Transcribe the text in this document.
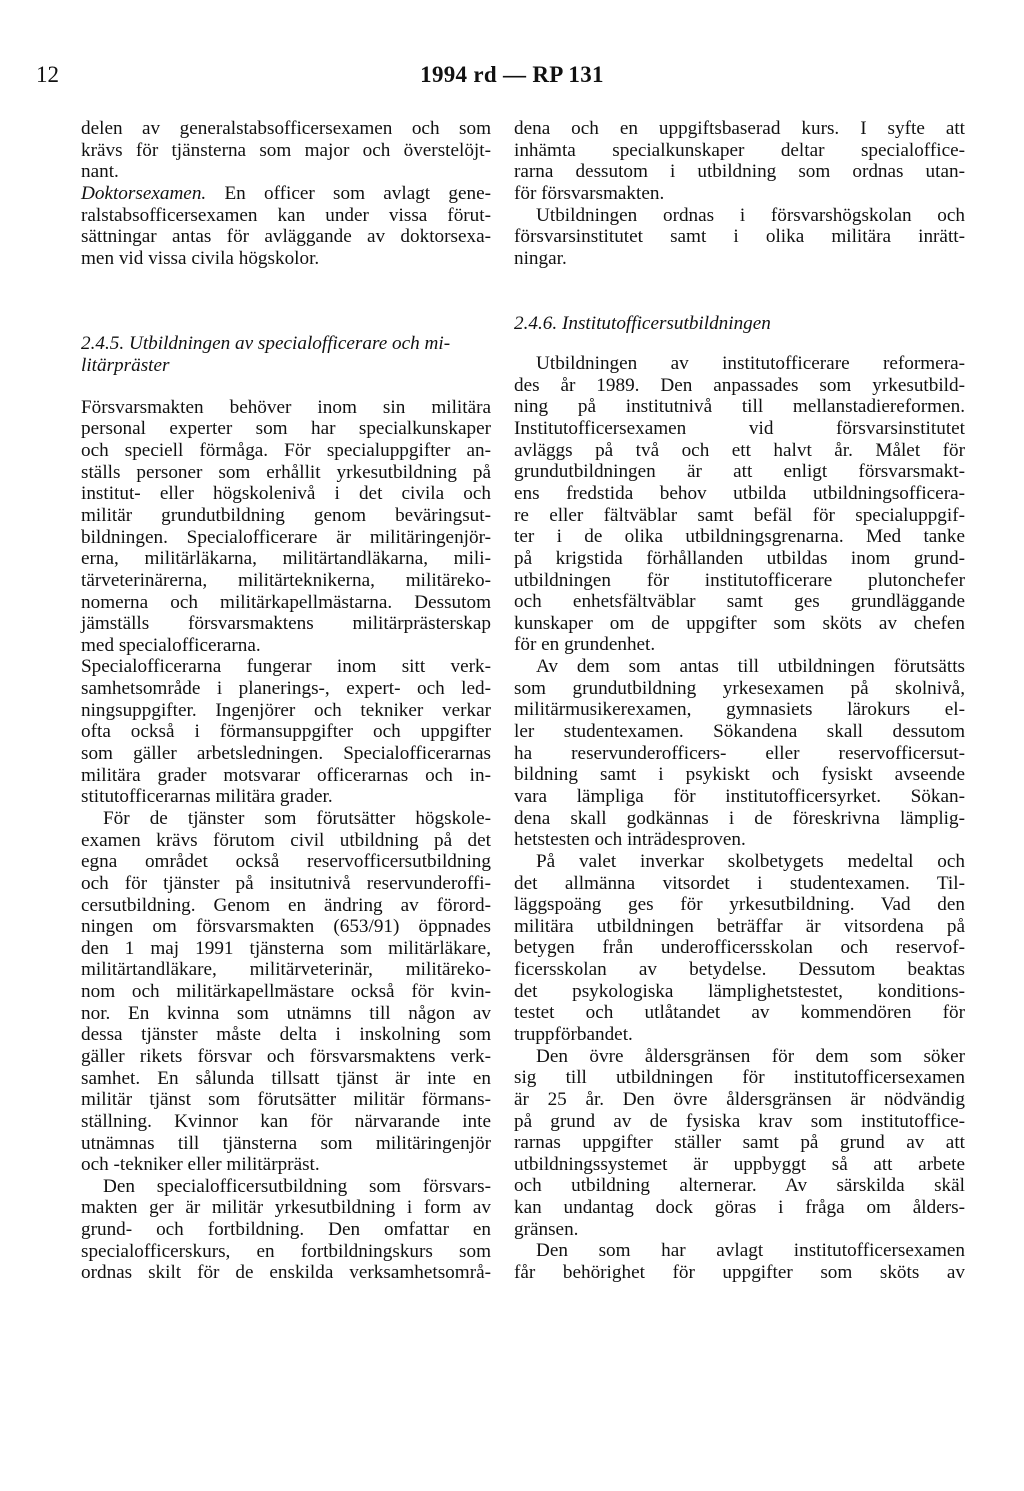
12	1994 rd — RP 131
delen av generalstabsofficersexamen och som
krävs för tjänsterna som major och överstelöjt-
nant.
Doktorsexamen. En officer som avlagt gene-
ralstabsofficersexamen kan under vissa förut-
sättningar antas för avläggande av doktorsexa-
men vid vissa civila högskolor.
2.4.5. Utbildningen av specialofficerare och mi-
litärpräster
Försvarsmakten behöver inom sin militära
personal experter som har specialkunskaper
och speciell förmåga. För specialuppgifter an-
ställs personer som erhållit yrkesutbildning på
institut- eller högskolenivå i det civila och
militär grundutbildning genom beväringsut-
bildningen. Specialofficerare är militäringenjör-
erna, militärläkarna, militärtandläkarna, mili-
tärveterinärerna, militärteknikerna, militäreko-
nomerna och militärkapellmästarna. Dessutom
jämställs försvarsmaktens militärprästerskap
med specialofficerarna.
Specialofficerarna fungerar inom sitt verk-
samhetsområde i planerings-, expert- och led-
ningsuppgifter. Ingenjörer och tekniker verkar
ofta också i förmansuppgifter och uppgifter
som gäller arbetsledningen. Specialofficerarnas
militära grader motsvarar officerarnas och in-
stitutofficerarnas militära grader.
För de tjänster som förutsätter högskole-
examen krävs förutom civil utbildning på det
egna området också reservofficersutbildning
och för tjänster på insitutnivå reservunderoffi-
cersutbildning. Genom en ändring av förord-
ningen om försvarsmakten (653/91) öppnades
den 1 maj 1991 tjänsterna som militärläkare,
militärtandläkare, militärveterinär, militäreko-
nom och militärkapellmästare också för kvin-
nor. En kvinna som utnämns till någon av
dessa tjänster måste delta i inskolning som
gäller rikets försvar och försvarsmaktens verk-
samhet. En sålunda tillsatt tjänst är inte en
militär tjänst som förutsätter militär förmans-
ställning. Kvinnor kan för närvarande inte
utnämnas till tjänsterna som militäringenjör
och -tekniker eller militärpräst.
Den specialofficersutbildning som försvars-
makten ger är militär yrkesutbildning i form av
grund- och fortbildning. Den omfattar en
specialofficerskurs, en fortbildningskurs som
ordnas skilt för de enskilda verksamhetsområ-
dena och en uppgiftsbaserad kurs. I syfte att
inhämta specialkunskaper deltar specialoffice-
rarna dessutom i utbildning som ordnas utan-
för försvarsmakten.
Utbildningen ordnas i försvarshögskolan och
försvarsinstitutet samt i olika militära inrätt-
ningar.
2.4.6. Institutofficersutbildningen
Utbildningen av institutofficerare reformera-
des år 1989. Den anpassades som yrkesutbild-
ning på institutnivå till mellanstadiereformen.
Institutofficersexamen vid försvarsinstitutet
avläggs på två och ett halvt år. Målet för
grundutbildningen är att enligt försvarsmakt-
ens fredstida behov utbilda utbildningsofficera-
re eller fältväblar samt befäl för specialuppgif-
ter i de olika utbildningsgrenarna. Med tanke
på krigstida förhållanden utbildas inom grund-
utbildningen för institutofficerare plutonchefer
och enhetsfältväblar samt ges grundläggande
kunskaper om de uppgifter som sköts av chefen
för en grundenhet.
Av dem som antas till utbildningen förutsätts
som grundutbildning yrkesexamen på skolnivå,
militärmusikerexamen, gymnasiets lärokurs el-
ler studentexamen. Sökandena skall dessutom
ha reservunderofficers- eller reservofficersut-
bildning samt i psykiskt och fysiskt avseende
vara lämpliga för institutofficersyrket. Sökan-
dena skall godkännas i de föreskrivna lämplig-
hetstesten och inträdesproven.
På valet inverkar skolbetygets medeltal och
det allmänna vitsordet i studentexamen. Til-
läggspoäng ges för yrkesutbildning. Vad den
militära utbildningen beträffar är vitsordena på
betygen från underofficersskolan och reservof-
ficersskolan av betydelse. Dessutom beaktas
det psykologiska lämplighetstestet, konditions-
testet och utlåtandet av kommendören för
truppförbandet.
Den övre åldersgränsen för dem som söker
sig till utbildningen för institutofficersexamen
är 25 år. Den övre åldersgränsen är nödvändig
på grund av de fysiska krav som institutoffice-
rarnas uppgifter ställer samt på grund av att
utbildningssystemet är uppbyggt så att arbete
och utbildning alternerar. Av särskilda skäl
kan undantag dock göras i fråga om ålders-
gränsen.
Den som har avlagt institutofficersexamen
får behörighet för uppgifter som sköts av
